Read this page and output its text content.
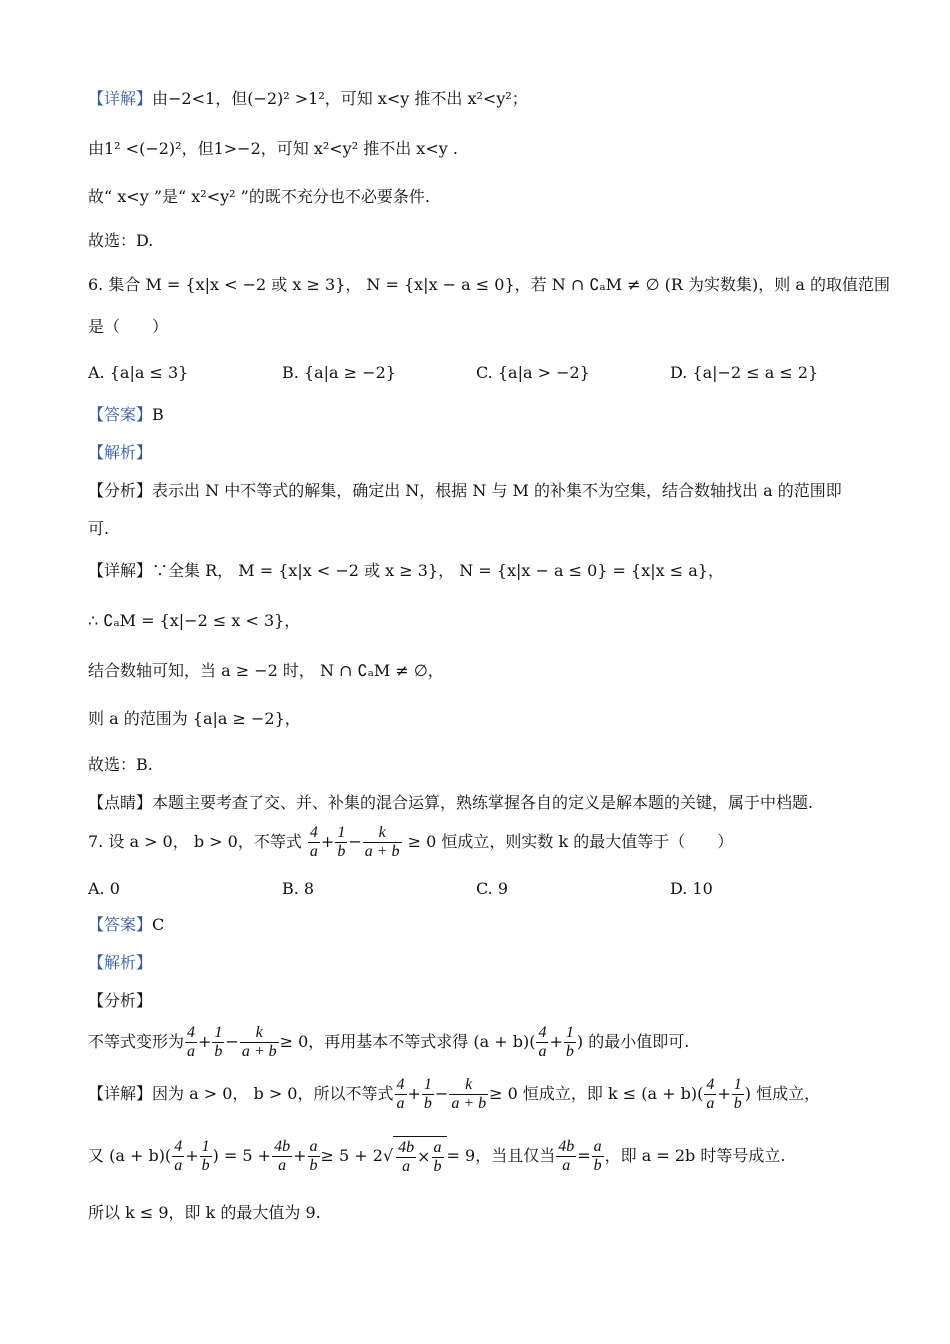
【详解】由−2<1，但(−2)² >1²，可知 x<y 推不出 x²<y²；
由1² <(−2)²，但1>−2，可知 x²<y² 推不出 x<y .
故“ x<y ”是“ x²<y² ”的既不充分也不必要条件.
故选：D.
6. 集合 M = {x|x < −2 或 x ≥ 3}， N = {x|x − a ≤ 0}，若 N ∩ ∁ₐM ≠ ∅ (R 为实数集)，则 a 的取值范围
是（　　）
A. {a|a ≤ 3}	B. {a|a ≥ −2}	C. {a|a > −2}	D. {a|−2 ≤ a ≤ 2}
【答案】B
【解析】
【分析】表示出 N 中不等式的解集，确定出 N，根据 N 与 M 的补集不为空集，结合数轴找出 a 的范围即
可.
【详解】∵全集 R， M = {x|x < −2 或 x ≥ 3}， N = {x|x − a ≤ 0} = {x|x ≤ a}，
∴ ∁ₐM = {x|−2 ≤ x < 3}，
结合数轴可知，当 a ≥ −2 时， N ∩ ∁ₐM ≠ ∅，
则 a 的范围为 {a|a ≥ −2}，
故选：B.
【点睛】本题主要考查了交、并、补集的混合运算，熟练掌握各自的定义是解本题的关键，属于中档题.
7. 设 a > 0， b > 0，不等式 $\frac{4}{a} + \frac{1}{b} - \frac{k}{a + b} \ge 0$ 恒成立，则实数 k 的最大值等于（　　）
A. 0	B. 8	C. 9	D. 10
【答案】C
【解析】
【分析】
不等式变形为 $\frac{4}{a} + \frac{1}{b} - \frac{k}{a + b} \ge 0$，再用基本不等式求得 $(a + b)( \frac{4}{a} + \frac{1}{b}$ ) 的最小值即可.
【详解】因为 a > 0， b > 0，所以不等式 $\frac{4}{a} + \frac{1}{b} - \frac{k}{a + b} \ge 0$ 恒成立，即 $k \le (a + b)( \frac{4}{a} + \frac{1}{b}$ ) 恒成立，
又 $(a + b)( \frac{4}{a} + \frac{1}{b}$ ) = $5 + \frac{4b}{a} + \frac{a}{b} \ge 5 + 2√ \frac{4b}{a} \times \frac{a}{b} = 9$，当且仅当 $\frac{4b}{a} = \frac{a}{b}$ ，即 a = 2b 时等号成立.
所以 k ≤ 9，即 k 的最大值为 9.
